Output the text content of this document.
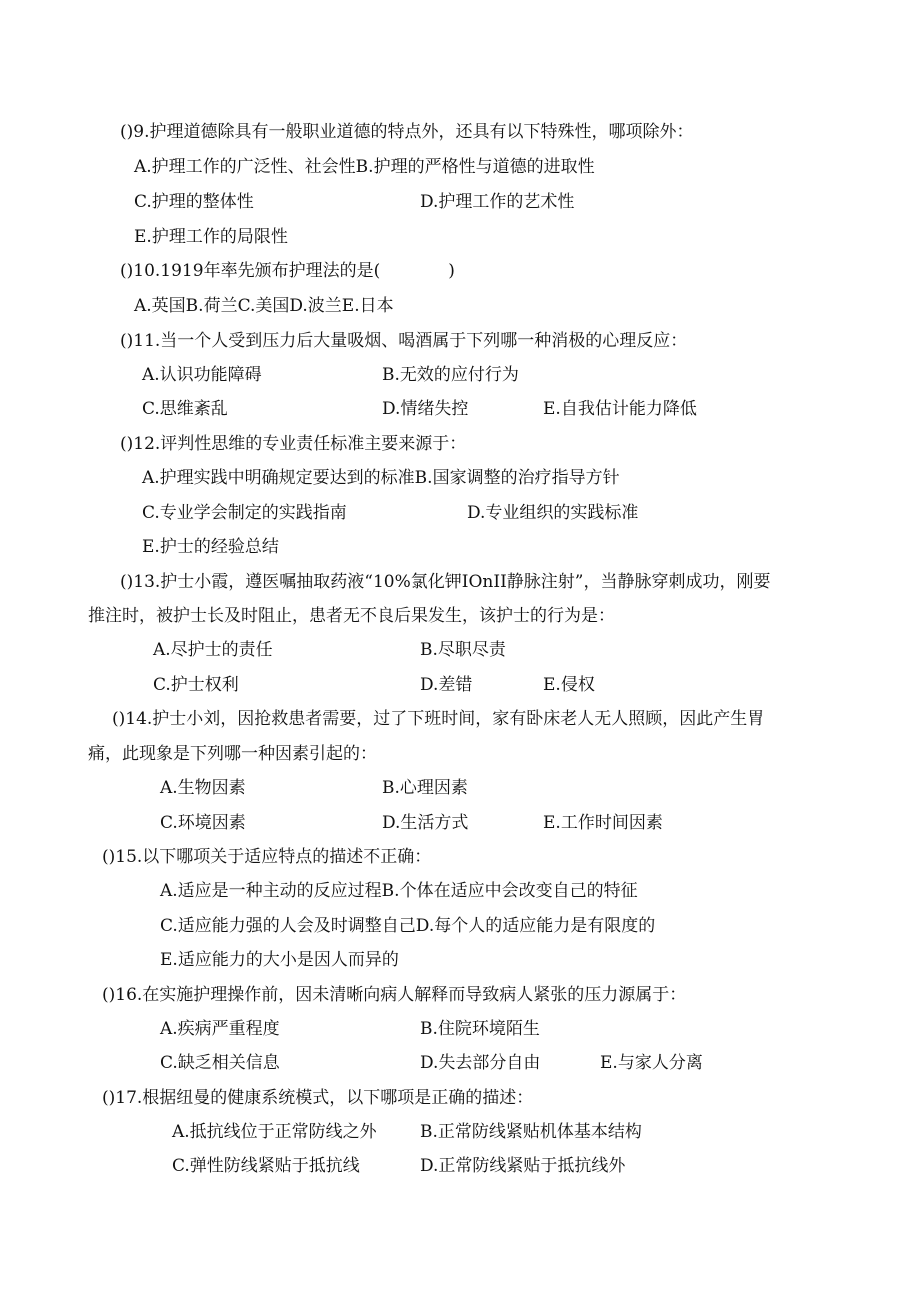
()9.护理道德除具有一般职业道德的特点外，还具有以下特殊性，哪项除外：
A.护理工作的广泛性、社会性B.护理的严格性与道德的进取性
C.护理的整体性	D.护理工作的艺术性
E.护理工作的局限性
()10.1919年率先颁布护理法的是(　　　　)
A.英国B.荷兰C.美国D.波兰E.日本
()11.当一个人受到压力后大量吸烟、喝酒属于下列哪一种消极的心理反应：
A.认识功能障碍	B.无效的应付行为
C.思维紊乱	D.情绪失控	E.自我估计能力降低
()12.评判性思维的专业责任标准主要来源于：
A.护理实践中明确规定要达到的标准B.国家调整的治疗指导方针
C.专业学会制定的实践指南	D.专业组织的实践标准
E.护士的经验总结
()13.护士小霞，遵医嘱抽取药液“10%氯化钾IOnII静脉注射”，当静脉穿刺成功，刚要
推注时，被护士长及时阻止，患者无不良后果发生，该护士的行为是：
A.尽护士的责任	B.尽职尽责
C.护士权利	D.差错	E.侵权
()14.护士小刘，因抢救患者需要，过了下班时间，家有卧床老人无人照顾，因此产生胃
痛，此现象是下列哪一种因素引起的：
A.生物因素	B.心理因素
C.环境因素	D.生活方式	E.工作时间因素
()15.以下哪项关于适应特点的描述不正确：
A.适应是一种主动的反应过程B.个体在适应中会改变自己的特征
C.适应能力强的人会及时调整自己D.每个人的适应能力是有限度的
E.适应能力的大小是因人而异的
()16.在实施护理操作前，因未清晰向病人解释而导致病人紧张的压力源属于：
A.疾病严重程度	B.住院环境陌生
C.缺乏相关信息	D.失去部分自由	E.与家人分离
()17.根据纽曼的健康系统模式，以下哪项是正确的描述：
A.抵抗线位于正常防线之外	B.正常防线紧贴机体基本结构
C.弹性防线紧贴于抵抗线	D.正常防线紧贴于抵抗线外
